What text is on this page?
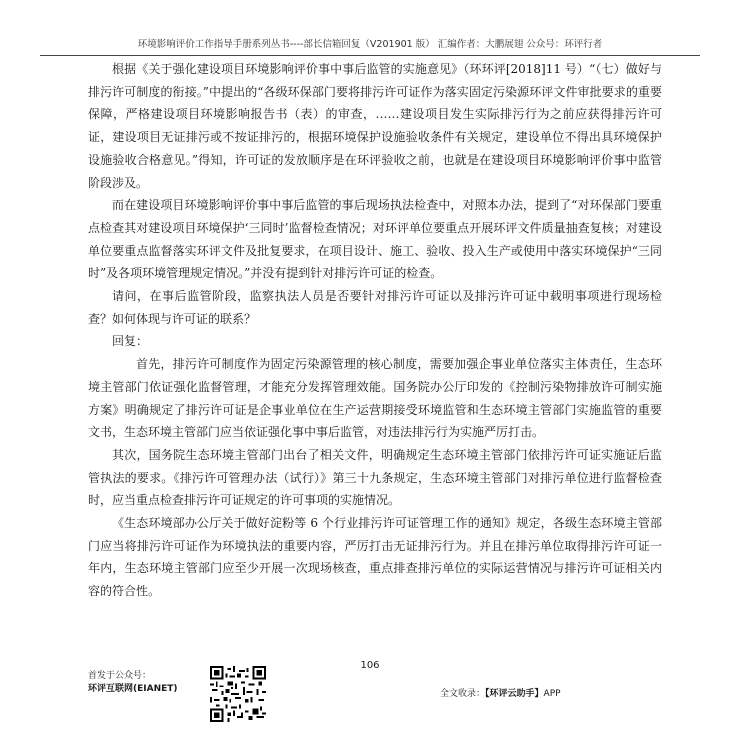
环境影响评价工作指导手册系列丛书----部长信箱回复（V201901 版） 汇编作者：大鹏展翅 公众号：环评行者

根据《关于强化建设项目环境影响评价事中事后监管的实施意见》（环环评[2018]11 号）“（七）做好与排污许可制度的衔接。”中提出的“各级环保部门要将排污许可证作为落实固定污染源环评文件审批要求的重要保障，严格建设项目环境影响报告书（表）的审查，……建设项目发生实际排污行为之前应获得排污许可证，建设项目无证排污或不按证排污的，根据环境保护设施验收条件有关规定，建设单位不得出具环境保护设施验收合格意见。”得知，许可证的发放顺序是在环评验收之前，也就是在建设项目环境影响评价事中监管阶段涉及。

而在建设项目环境影响评价事中事后监管的事后现场执法检查中，对照本办法，提到了“对环保部门要重点检查其对建设项目环境保护‘三同时’监督检查情况；对环评单位要重点开展环评文件质量抽查复核；对建设单位要重点监督落实环评文件及批复要求，在项目设计、施工、验收、投入生产或使用中落实环境保护“三同时”及各项环境管理规定情况。”并没有提到针对排污许可证的检查。

请问，在事后监管阶段，监察执法人员是否要针对排污许可证以及排污许可证中载明事项进行现场检查？如何体现与许可证的联系？

回复：

首先，排污许可制度作为固定污染源管理的核心制度，需要加强企事业单位落实主体责任，生态环境主管部门依证强化监督管理，才能充分发挥管理效能。国务院办公厅印发的《控制污染物排放许可制实施方案》明确规定了排污许可证是企事业单位在生产运营期接受环境监管和生态环境主管部门实施监管的重要文书，生态环境主管部门应当依证强化事中事后监管，对违法排污行为实施严厉打击。

其次，国务院生态环境主管部门出台了相关文件，明确规定生态环境主管部门依排污许可证实施证后监管执法的要求。《排污许可管理办法（试行）》第三十九条规定，生态环境主管部门对排污单位进行监督检查时，应当重点检查排污许可证规定的许可事项的实施情况。

《生态环境部办公厅关于做好淀粉等 6 个行业排污许可证管理工作的通知》规定，各级生态环境主管部门应当将排污许可证作为环境执法的重要内容，严厉打击无证排污行为。并且在排污单位取得排污许可证一年内，生态环境主管部门应至少开展一次现场核查，重点排查排污单位的实际运营情况与排污许可证相关内容的符合性。

106
首发于公众号：
环评互联网(EIANET)	全文收录：【环评云助手】APP
